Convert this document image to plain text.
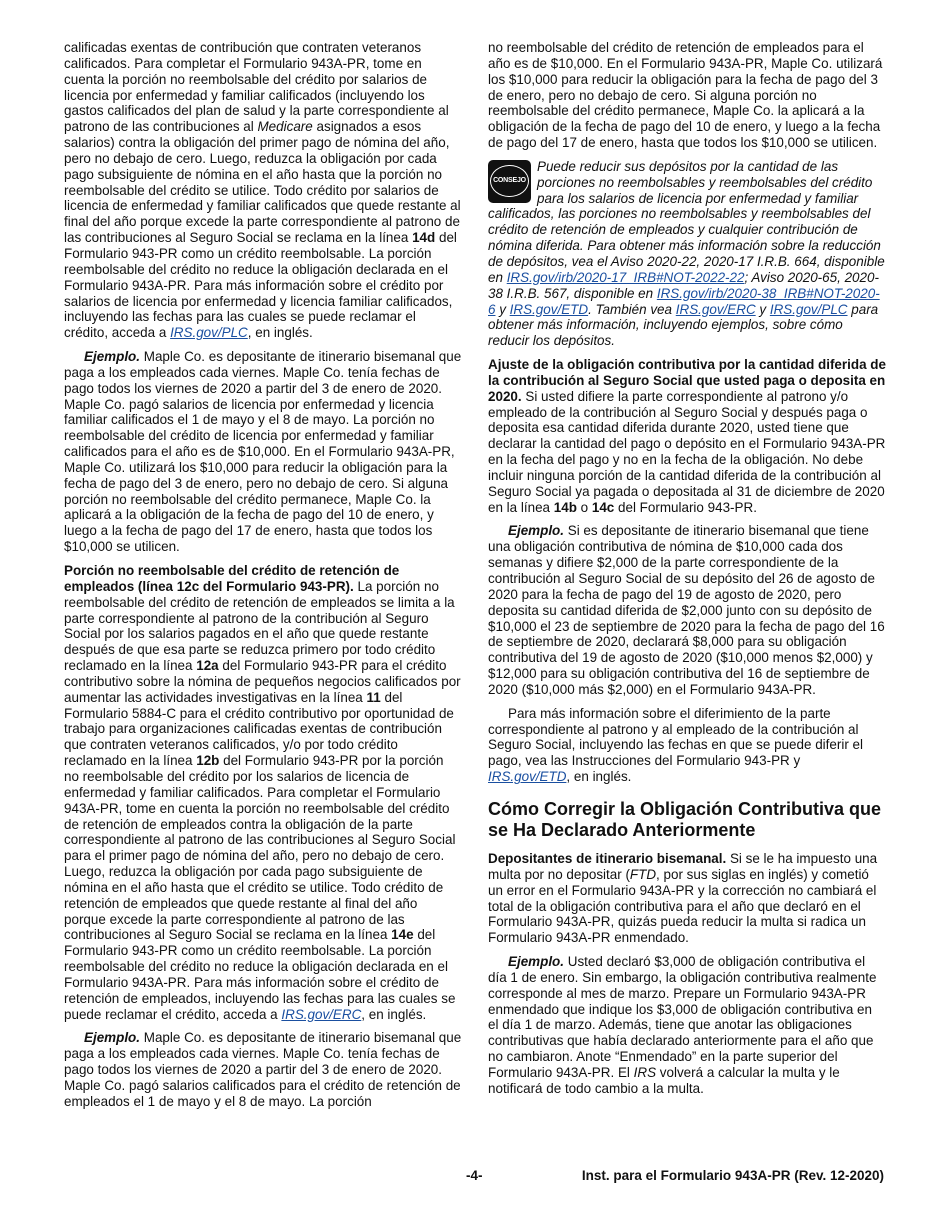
calificadas exentas de contribución que contraten veteranos calificados. Para completar el Formulario 943A-PR, tome en cuenta la porción no reembolsable del crédito por salarios de licencia por enfermedad y familiar calificados (incluyendo los gastos calificados del plan de salud y la parte correspondiente al patrono de las contribuciones al Medicare asignados a esos salarios) contra la obligación del primer pago de nómina del año, pero no debajo de cero. Luego, reduzca la obligación por cada pago subsiguiente de nómina en el año hasta que la porción no reembolsable del crédito se utilice. Todo crédito por salarios de licencia de enfermedad y familiar calificados que quede restante al final del año porque excede la parte correspondiente al patrono de las contribuciones al Seguro Social se reclama en la línea 14d del Formulario 943-PR como un crédito reembolsable. La porción reembolsable del crédito no reduce la obligación declarada en el Formulario 943A-PR. Para más información sobre el crédito por salarios de licencia por enfermedad y licencia familiar calificados, incluyendo las fechas para las cuales se puede reclamar el crédito, acceda a IRS.gov/PLC, en inglés.

Ejemplo. Maple Co. es depositante de itinerario bisemanal que paga a los empleados cada viernes. Maple Co. tenía fechas de pago todos los viernes de 2020 a partir del 3 de enero de 2020. Maple Co. pagó salarios de licencia por enfermedad y licencia familiar calificados el 1 de mayo y el 8 de mayo. La porción no reembolsable del crédito de licencia por enfermedad y familiar calificados para el año es de $10,000. En el Formulario 943A-PR, Maple Co. utilizará los $10,000 para reducir la obligación para la fecha de pago del 3 de enero, pero no debajo de cero. Si alguna porción no reembolsable del crédito permanece, Maple Co. la aplicará a la obligación de la fecha de pago del 10 de enero, y luego a la fecha de pago del 17 de enero, hasta que todos los $10,000 se utilicen.

Porción no reembolsable del crédito de retención de empleados (línea 12c del Formulario 943-PR). La porción no reembolsable del crédito de retención de empleados se limita a la parte correspondiente al patrono de la contribución al Seguro Social por los salarios pagados en el año que quede restante después de que esa parte se reduzca primero por todo crédito reclamado en la línea 12a del Formulario 943-PR para el crédito contributivo sobre la nómina de pequeños negocios calificados por aumentar las actividades investigativas en la línea 11 del Formulario 5884-C para el crédito contributivo por oportunidad de trabajo para organizaciones calificadas exentas de contribución que contraten veteranos calificados, y/o por todo crédito reclamado en la línea 12b del Formulario 943-PR por la porción no reembolsable del crédito por los salarios de licencia de enfermedad y familiar calificados. Para completar el Formulario 943A-PR, tome en cuenta la porción no reembolsable del crédito de retención de empleados contra la obligación de la parte correspondiente al patrono de las contribuciones al Seguro Social para el primer pago de nómina del año, pero no debajo de cero. Luego, reduzca la obligación por cada pago subsiguiente de nómina en el año hasta que el crédito se utilice. Todo crédito de retención de empleados que quede restante al final del año porque excede la parte correspondiente al patrono de las contribuciones al Seguro Social se reclama en la línea 14e del Formulario 943-PR como un crédito reembolsable. La porción reembolsable del crédito no reduce la obligación declarada en el Formulario 943A-PR. Para más información sobre el crédito de retención de empleados, incluyendo las fechas para las cuales se puede reclamar el crédito, acceda a IRS.gov/ERC, en inglés.

Ejemplo. Maple Co. es depositante de itinerario bisemanal que paga a los empleados cada viernes. Maple Co. tenía fechas de pago todos los viernes de 2020 a partir del 3 de enero de 2020. Maple Co. pagó salarios calificados para el crédito de retención de empleados el 1 de mayo y el 8 de mayo. La porción

no reembolsable del crédito de retención de empleados para el año es de $10,000. En el Formulario 943A-PR, Maple Co. utilizará los $10,000 para reducir la obligación para la fecha de pago del 3 de enero, pero no debajo de cero. Si alguna porción no reembolsable del crédito permanece, Maple Co. la aplicará a la obligación de la fecha de pago del 10 de enero, y luego a la fecha de pago del 17 de enero, hasta que todos los $10,000 se utilicen.

CONSEJO
Puede reducir sus depósitos por la cantidad de las porciones no reembolsables y reembolsables del crédito para los salarios de licencia por enfermedad y familiar calificados, las porciones no reembolsables y reembolsables del crédito de retención de empleados y cualquier contribución de nómina diferida. Para obtener más información sobre la reducción de depósitos, vea el Aviso 2020-22, 2020-17 I.R.B. 664, disponible en IRS.gov/irb/2020-17_IRB#NOT-2022-22; Aviso 2020-65, 2020-38 I.R.B. 567, disponible en IRS.gov/irb/2020-38_IRB#NOT-2020-6 y IRS.gov/ETD. También vea IRS.gov/ERC y IRS.gov/PLC para obtener más información, incluyendo ejemplos, sobre cómo reducir los depósitos.

Ajuste de la obligación contributiva por la cantidad diferida de la contribución al Seguro Social que usted paga o deposita en 2020. Si usted difiere la parte correspondiente al patrono y/o empleado de la contribución al Seguro Social y después paga o deposita esa cantidad diferida durante 2020, usted tiene que declarar la cantidad del pago o depósito en el Formulario 943A-PR en la fecha del pago y no en la fecha de la obligación. No debe incluir ninguna porción de la cantidad diferida de la contribución al Seguro Social ya pagada o depositada al 31 de diciembre de 2020 en la línea 14b o 14c del Formulario 943-PR.

Ejemplo. Si es depositante de itinerario bisemanal que tiene una obligación contributiva de nómina de $10,000 cada dos semanas y difiere $2,000 de la parte correspondiente de la contribución al Seguro Social de su depósito del 26 de agosto de 2020 para la fecha de pago del 19 de agosto de 2020, pero deposita su cantidad diferida de $2,000 junto con su depósito de $10,000 el 23 de septiembre de 2020 para la fecha de pago del 16 de septiembre de 2020, declarará $8,000 para su obligación contributiva del 19 de agosto de 2020 ($10,000 menos $2,000) y $12,000 para su obligación contributiva del 16 de septiembre de 2020 ($10,000 más $2,000) en el Formulario 943A-PR.

Para más información sobre el diferimiento de la parte correspondiente al patrono y al empleado de la contribución al Seguro Social, incluyendo las fechas en que se puede diferir el pago, vea las Instrucciones del Formulario 943-PR y IRS.gov/ETD, en inglés.

Cómo Corregir la Obligación Contributiva que se Ha Declarado Anteriormente

Depositantes de itinerario bisemanal. Si se le ha impuesto una multa por no depositar (FTD, por sus siglas en inglés) y cometió un error en el Formulario 943A-PR y la corrección no cambiará el total de la obligación contributiva para el año que declaró en el Formulario 943A-PR, quizás pueda reducir la multa si radica un Formulario 943A-PR enmendado.

Ejemplo. Usted declaró $3,000 de obligación contributiva el día 1 de enero. Sin embargo, la obligación contributiva realmente corresponde al mes de marzo. Prepare un Formulario 943A-PR enmendado que indique los $3,000 de obligación contributiva en el día 1 de marzo. Además, tiene que anotar las obligaciones contributivas que había declarado anteriormente para el año que no cambiaron. Anote “Enmendado” en la parte superior del Formulario 943A-PR. El IRS volverá a calcular la multa y le notificará de todo cambio a la multa.

-4-	Inst. para el Formulario 943A-PR (Rev. 12-2020)
